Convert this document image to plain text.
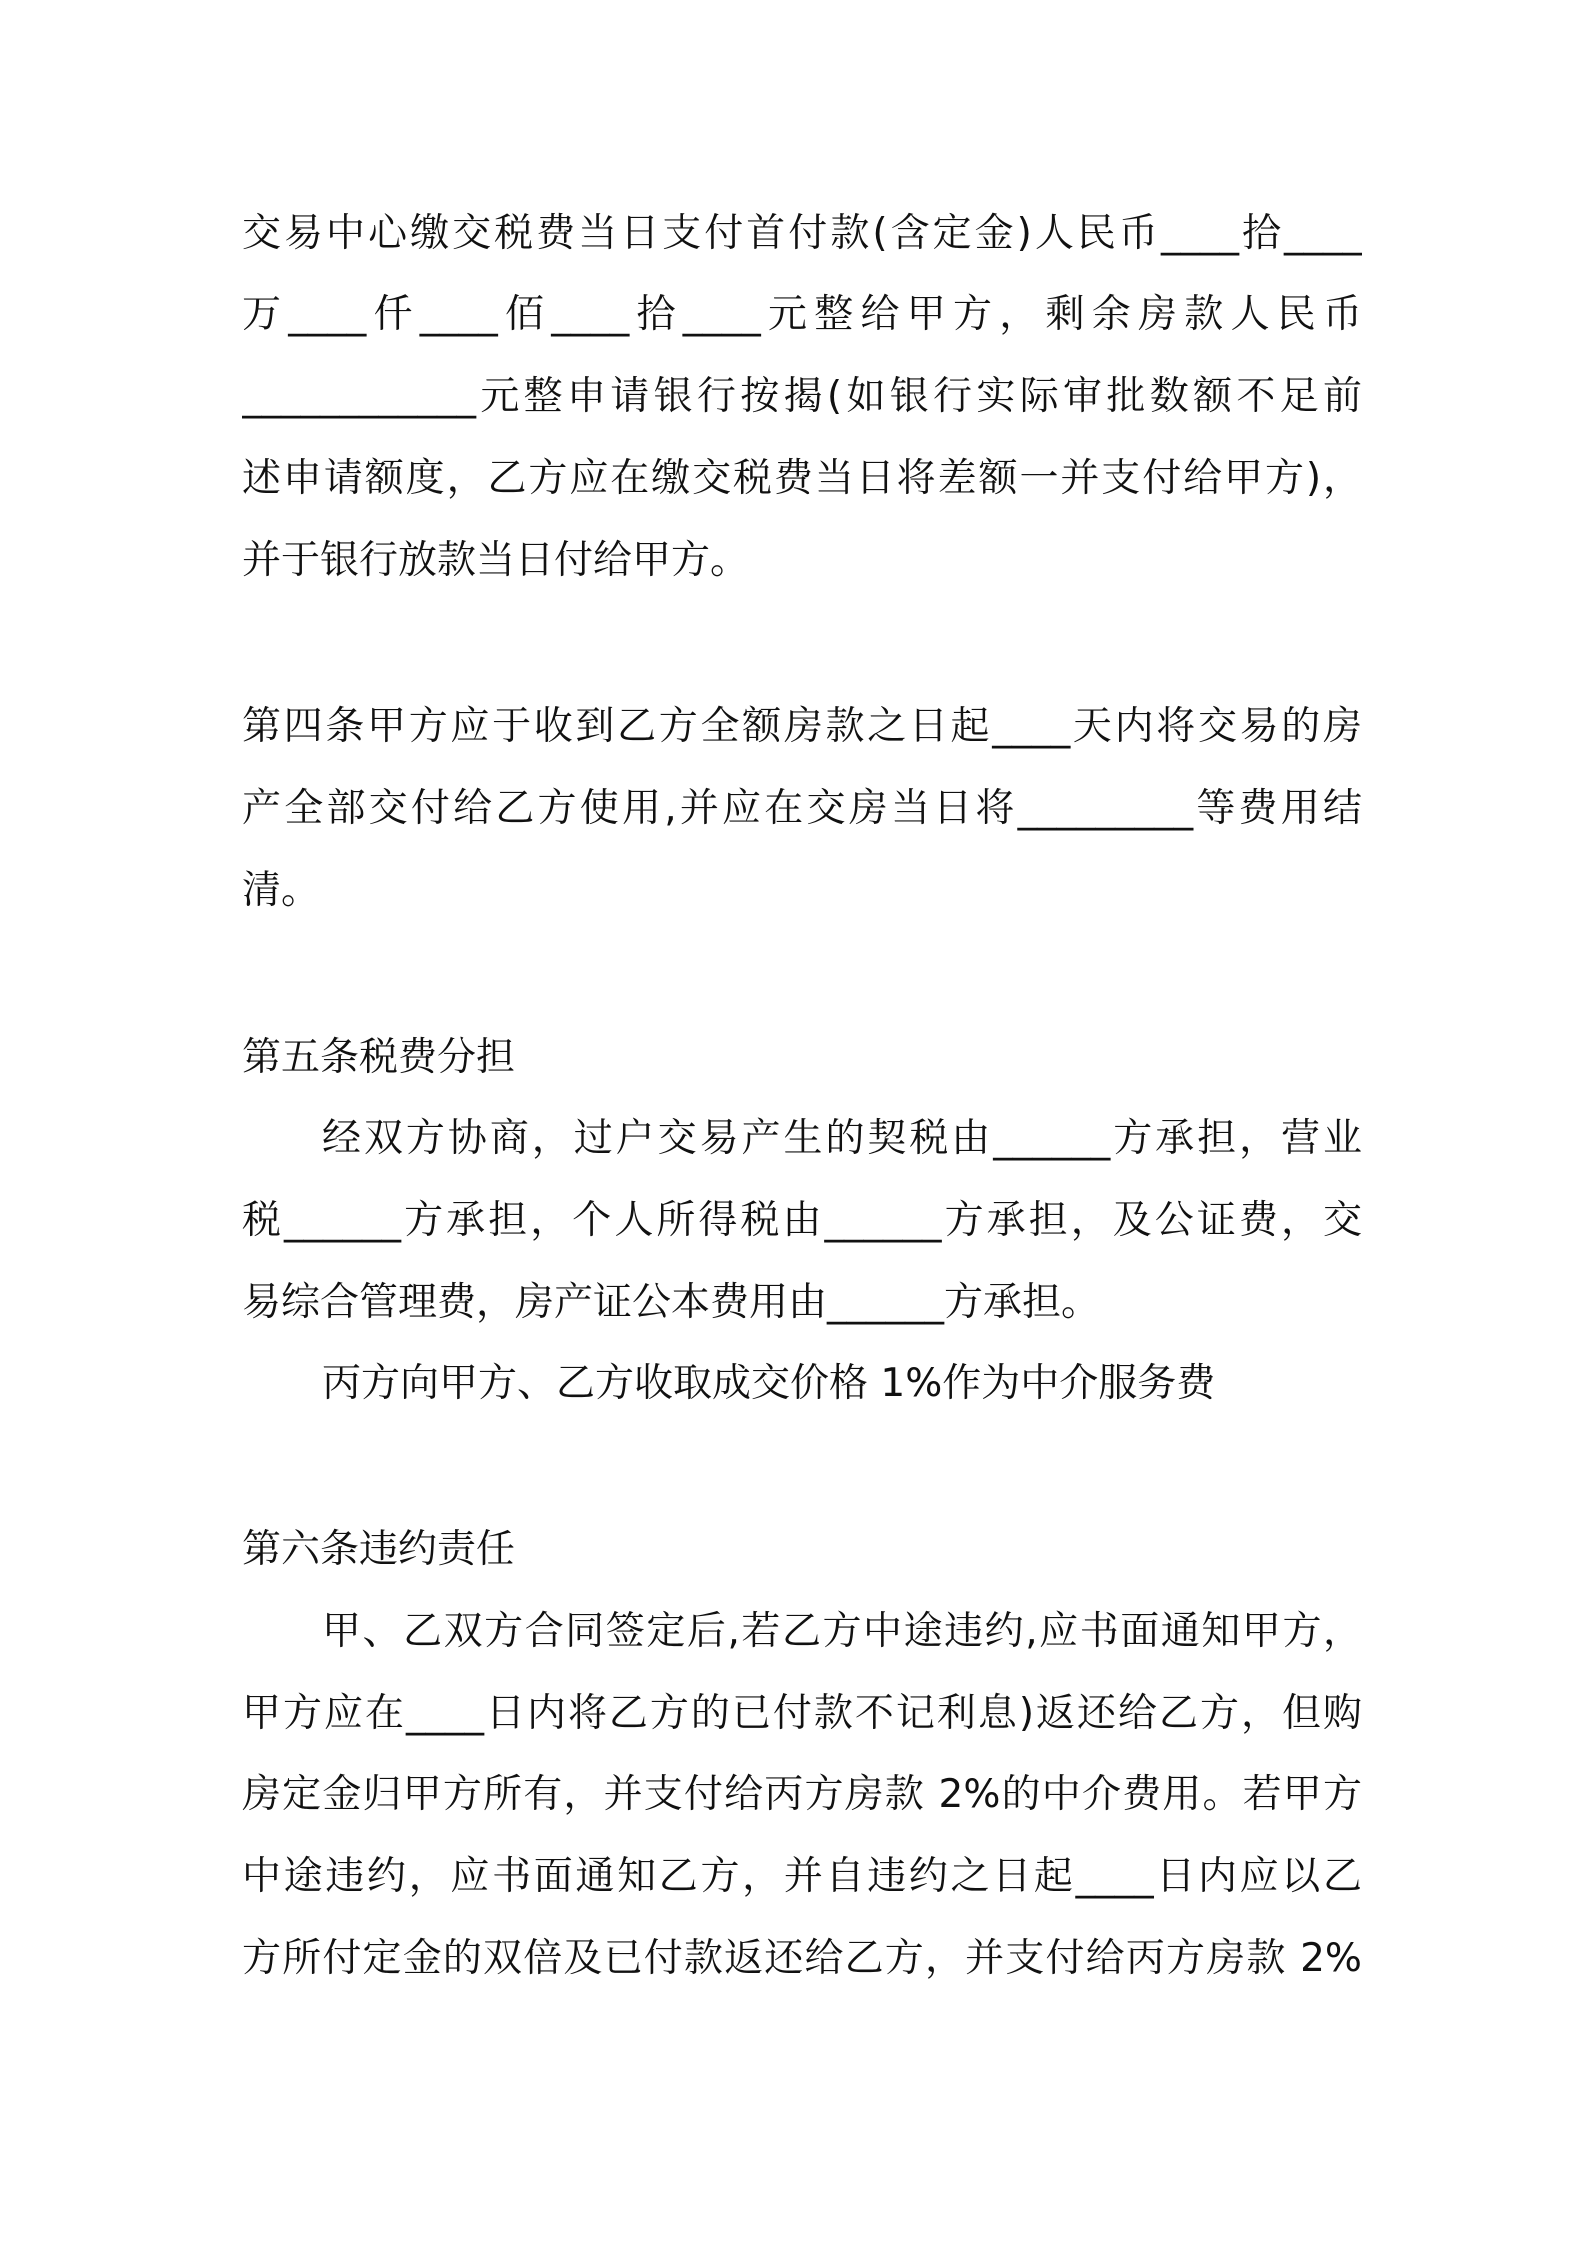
交易中心缴交税费当日支付首付款(含定金)人民币____拾____
万____仟____佰____拾____元整给甲方，剩余房款人民币
____________元整申请银行按揭(如银行实际审批数额不足前
述申请额度，乙方应在缴交税费当日将差额一并支付给甲方)，
并于银行放款当日付给甲方。
第四条甲方应于收到乙方全额房款之日起____天内将交易的房
产全部交付给乙方使用,并应在交房当日将_________等费用结
清。
第五条税费分担
经双方协商，过户交易产生的契税由______方承担，营业
税______方承担，个人所得税由______方承担，及公证费，交
易综合管理费，房产证公本费用由______方承担。
丙方向甲方、乙方收取成交价格 1%作为中介服务费
第六条违约责任
甲、乙双方合同签定后,若乙方中途违约,应书面通知甲方，
甲方应在____日内将乙方的已付款不记利息)返还给乙方，但购
房定金归甲方所有，并支付给丙方房款 2%的中介费用。若甲方
中途违约，应书面通知乙方，并自违约之日起____日内应以乙
方所付定金的双倍及已付款返还给乙方，并支付给丙方房款 2%
